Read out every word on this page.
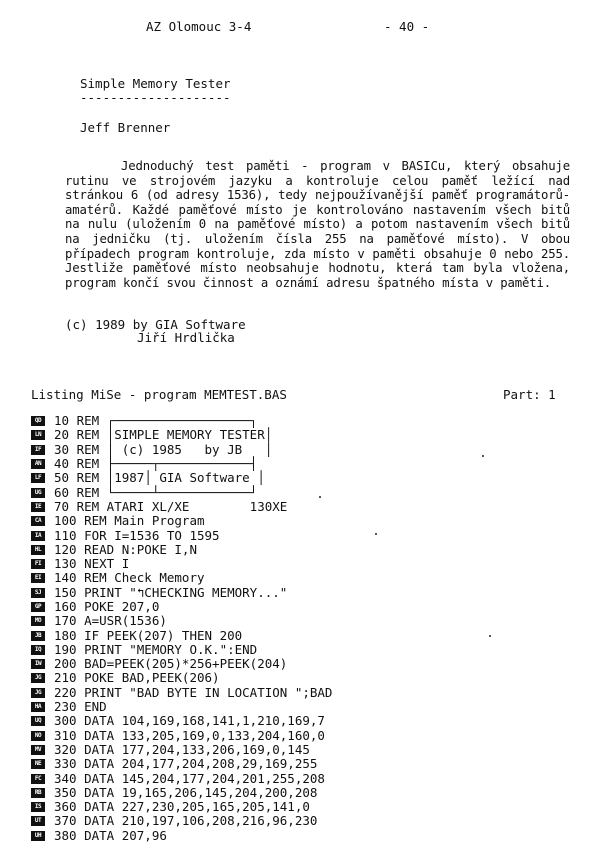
AZ Olomouc 3-4	- 40 -
Simple Memory Tester
--------------------
Jeff Brenner
Jednoduchý test paměti - program v BASICu, který obsahuje rutinu ve strojovém jazyku a kontroluje celou paměť ležící nad stránkou 6 (od adresy 1536), tedy nejpoužívanější paměť programátorů-amatérů. Každé paměťové místo je kontrolováno nastavením všech bitů na nulu (uložením 0 na paměťové místo) a potom nastavením všech bitů na jedničku (tj. uložením čísla 255 na paměťové místo). V obou případech program kontroluje, zda místo v paměti obsahuje 0 nebo 255. Jestliže paměťové místo neobsahuje hodnotu, která tam byla vložena, program končí svou činnost a oznámí adresu špatného místa v paměti.
(c) 1989 by GIA Software
Jiří Hrdlička
Listing MiSe - program MEMTEST.BAS	Part: 1
QD	10 REM ┌──────────────────┐
LN	20 REM │SIMPLE MEMORY TESTER│
IF	30 REM │ (c) 1985   by JB   │
AN	40 REM ├─────┬────────────┤
LF	50 REM │1987│ GIA Software │
UG	60 REM └─────┴────────────┘
IE	70 REM ATARI XL/XE        130XE
CA	100 REM Main Program
IA	110 FOR I=1536 TO 1595
HL	120 READ N:POKE I,N
FI	130 NEXT I
EI	140 REM Check Memory
SJ	150 PRINT "↰CHECKING MEMORY..."
GP	160 POKE 207,0
MO	170 A=USR(1536)
JB	180 IF PEEK(207) THEN 200
IQ	190 PRINT "MEMORY O.K.":END
IW	200 BAD=PEEK(205)*256+PEEK(204)
JG	210 POKE BAD,PEEK(206)
JG	220 PRINT "BAD BYTE IN LOCATION ";BAD
HA	230 END
UQ	300 DATA 104,169,168,141,1,210,169,7
NO	310 DATA 133,205,169,0,133,204,160,0
MV	320 DATA 177,204,133,206,169,0,145
NE	330 DATA 204,177,204,208,29,169,255
FC	340 DATA 145,204,177,204,201,255,208
RB	350 DATA 19,165,206,145,204,200,208
IS	360 DATA 227,230,205,165,205,141,0
UT	370 DATA 210,197,106,208,216,96,230
UH	380 DATA 207,96
